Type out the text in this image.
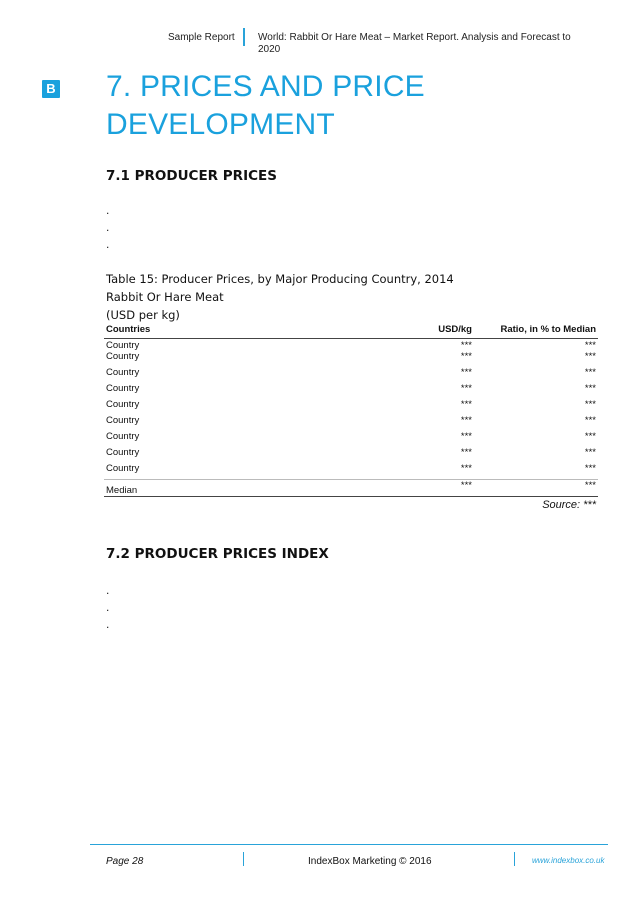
Sample Report World: Rabbit Or Hare Meat – Market Report. Analysis and Forecast to 2020
B 7. PRICES AND PRICE DEVELOPMENT
7.1 PRODUCER PRICES
.
.
.
Table 15: Producer Prices, by Major Producing Country, 2014
Rabbit Or Hare Meat
(USD per kg)
Countries	USD/kg	Ratio, in % to Median
Country	***	***
Country	***	***
Country	***	***
Country	***	***
Country	***	***
Country	***	***
Country	***	***
Country	***	***
Country	***	***
Median	***	***
Source: ***
7.2 PRODUCER PRICES INDEX
.
.
.
Page 28	IndexBox Marketing © 2016	www.indexbox.co.uk
